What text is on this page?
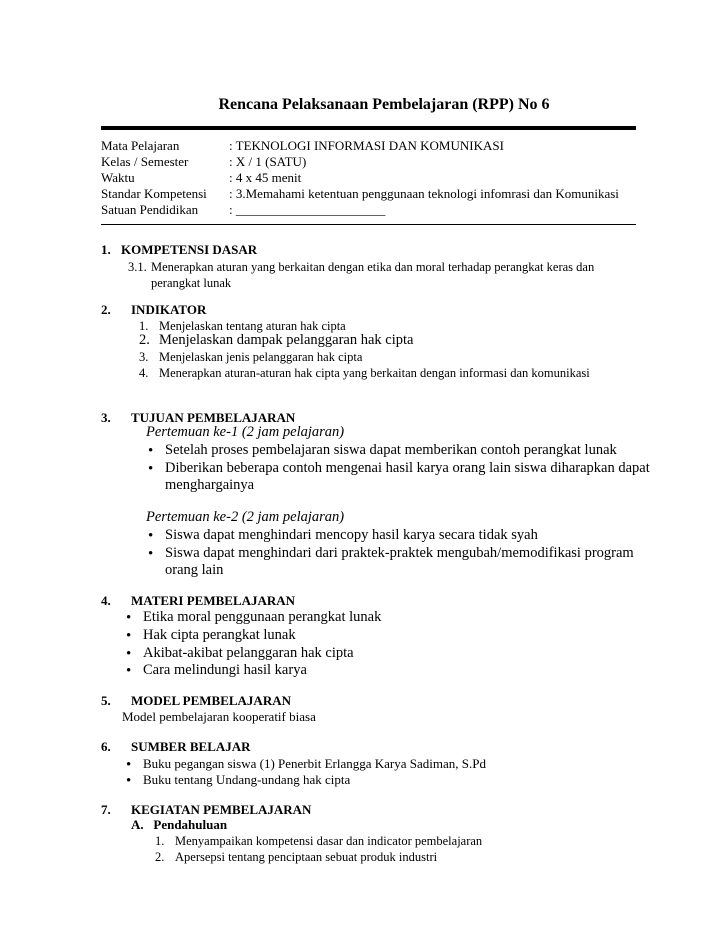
Rencana Pelaksanaan Pembelajaran (RPP) No 6
Mata Pelajaran	: TEKNOLOGI INFORMASI DAN KOMUNIKASI
Kelas / Semester	: X / 1 (SATU)
Waktu	: 4 x 45 menit
Standar Kompetensi : 3.Memahami ketentuan penggunaan teknologi infomrasi dan Komunikasi
Satuan Pendidikan : _______________________
1. KOMPETENSI DASAR
3.1. Menerapkan aturan yang berkaitan dengan etika dan moral terhadap perangkat keras dan
perangkat lunak
2. INDIKATOR
1. Menjelaskan tentang aturan hak cipta
2. Menjelaskan dampak pelanggaran hak cipta
3. Menjelaskan jenis pelanggaran hak cipta
4. Menerapkan aturan-aturan hak cipta yang berkaitan dengan informasi dan komunikasi
3. TUJUAN PEMBELAJARAN
Pertemuan ke-1 (2 jam pelajaran)
• Setelah proses pembelajaran siswa dapat memberikan contoh perangkat lunak
• Diberikan beberapa contoh mengenai hasil karya orang lain siswa diharapkan dapat
menghargainya
Pertemuan ke-2 (2 jam pelajaran)
• Siswa dapat menghindari mencopy hasil karya secara tidak syah
• Siswa dapat menghindari dari praktek-praktek mengubah/memodifikasi program
orang lain
4. MATERI PEMBELAJARAN
• Etika moral penggunaan perangkat lunak
• Hak cipta perangkat lunak
• Akibat-akibat pelanggaran hak cipta
• Cara melindungi hasil karya
5. MODEL PEMBELAJARAN
Model pembelajaran kooperatif biasa
6. SUMBER BELAJAR
• Buku pegangan siswa (1) Penerbit Erlangga Karya Sadiman, S.Pd
• Buku tentang Undang-undang hak cipta
7. KEGIATAN PEMBELAJARAN
A.   Pendahuluan
1. Menyampaikan kompetensi dasar dan indicator pembelajaran
2. Apersepsi tentang penciptaan sebuat produk industri
